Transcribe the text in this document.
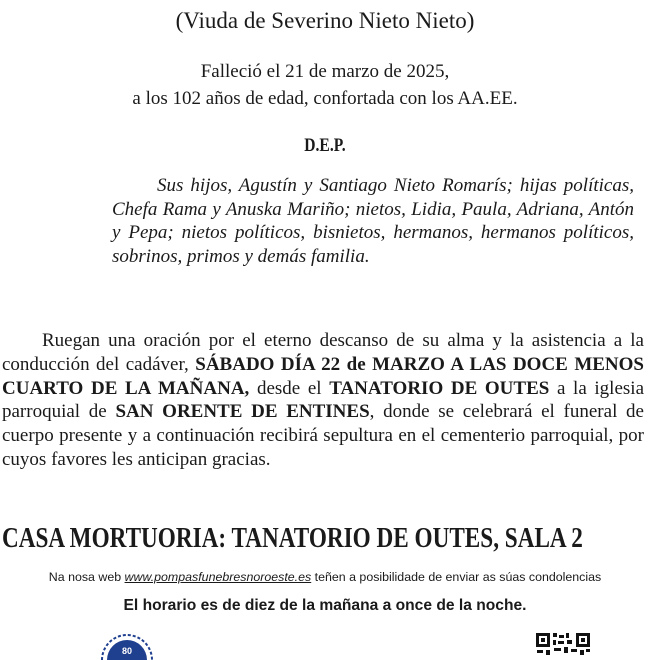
(Viuda de Severino Nieto Nieto)
Falleció el 21 de marzo de 2025,
a los 102 años de edad, confortada con los AA.EE.
D.E.P.
Sus hijos, Agustín y Santiago Nieto Romarís; hijas políticas, Chefa Rama y Anuska Mariño; nietos, Lidia, Paula, Adriana, Antón y Pepa; nietos políticos, bisnietos, hermanos, hermanos políticos, sobrinos, primos y demás familia.
Ruegan una oración por el eterno descanso de su alma y la asistencia a la conducción del cadáver, SÁBADO DÍA 22 de MARZO A LAS DOCE MENOS CUARTO DE LA MAÑANA, desde el TANATORIO DE OUTES a la iglesia parroquial de SAN ORENTE DE ENTINES, donde se celebrará el funeral de cuerpo presente y a continuación recibirá sepultura en el cementerio parroquial, por cuyos favores les anticipan gracias.
CASA MORTUORIA: TANATORIO DE OUTES, SALA 2
Na nosa web www.pompasfunebresnoroeste.es teñen a posibilidade de enviar as súas condolencias
El horario es de diez de la mañana a once de la noche.
80
